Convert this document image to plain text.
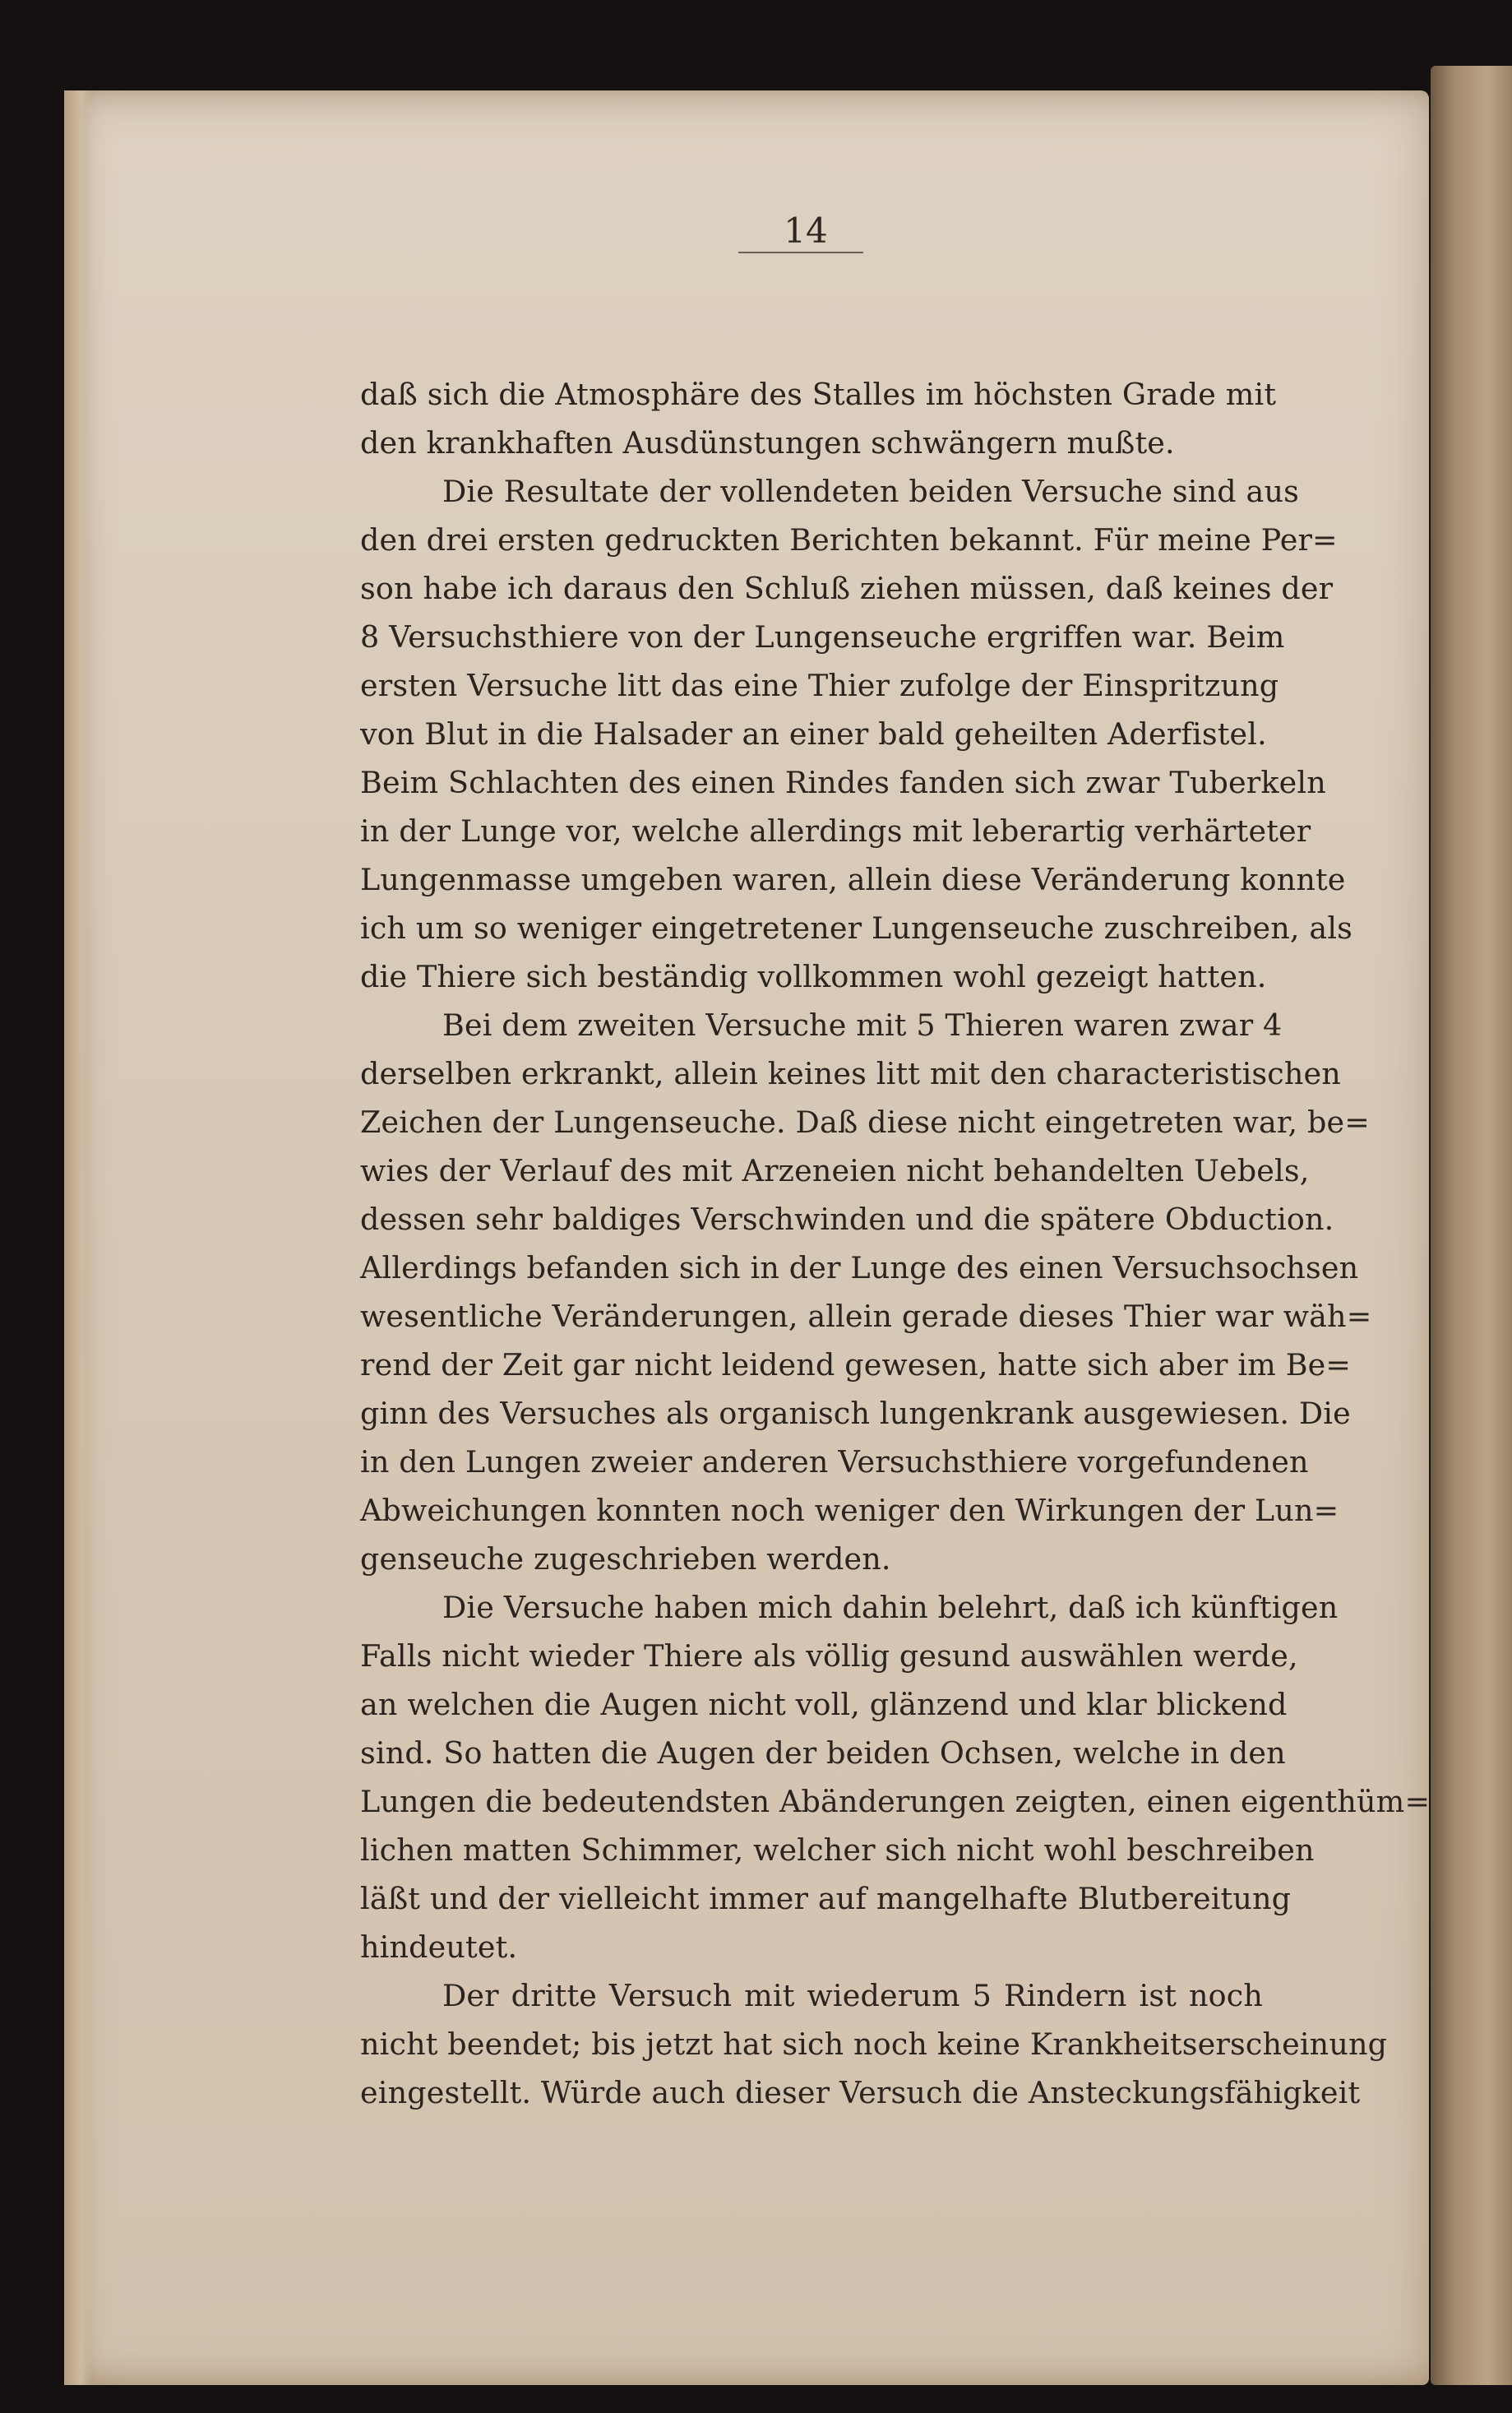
14
daß sich die Atmosphäre des Stalles im höchsten Grade mit
den krankhaften Ausdünstungen schwängern mußte.
Die Resultate der vollendeten beiden Versuche sind aus
den drei ersten gedruckten Berichten bekannt. Für meine Per=
son habe ich daraus den Schluß ziehen müssen, daß keines der
8 Versuchsthiere von der Lungenseuche ergriffen war. Beim
ersten Versuche litt das eine Thier zufolge der Einspritzung
von Blut in die Halsader an einer bald geheilten Aderfistel.
Beim Schlachten des einen Rindes fanden sich zwar Tuberkeln
in der Lunge vor, welche allerdings mit leberartig verhärteter
Lungenmasse umgeben waren, allein diese Veränderung konnte
ich um so weniger eingetretener Lungenseuche zuschreiben, als
die Thiere sich beständig vollkommen wohl gezeigt hatten.
Bei dem zweiten Versuche mit 5 Thieren waren zwar 4
derselben erkrankt, allein keines litt mit den characteristischen
Zeichen der Lungenseuche. Daß diese nicht eingetreten war, be=
wies der Verlauf des mit Arzeneien nicht behandelten Uebels,
dessen sehr baldiges Verschwinden und die spätere Obduction.
Allerdings befanden sich in der Lunge des einen Versuchsochsen
wesentliche Veränderungen, allein gerade dieses Thier war wäh=
rend der Zeit gar nicht leidend gewesen, hatte sich aber im Be=
ginn des Versuches als organisch lungenkrank ausgewiesen. Die
in den Lungen zweier anderen Versuchsthiere vorgefundenen
Abweichungen konnten noch weniger den Wirkungen der Lun=
genseuche zugeschrieben werden.
Die Versuche haben mich dahin belehrt, daß ich künftigen
Falls nicht wieder Thiere als völlig gesund auswählen werde,
an welchen die Augen nicht voll, glänzend und klar blickend
sind. So hatten die Augen der beiden Ochsen, welche in den
Lungen die bedeutendsten Abänderungen zeigten, einen eigenthüm=
lichen matten Schimmer, welcher sich nicht wohl beschreiben
läßt und der vielleicht immer auf mangelhafte Blutbereitung
hindeutet.
Der dritte Versuch mit wiederum 5 Rindern ist noch
nicht beendet; bis jetzt hat sich noch keine Krankheitserscheinung
eingestellt. Würde auch dieser Versuch die Ansteckungsfähigkeit
